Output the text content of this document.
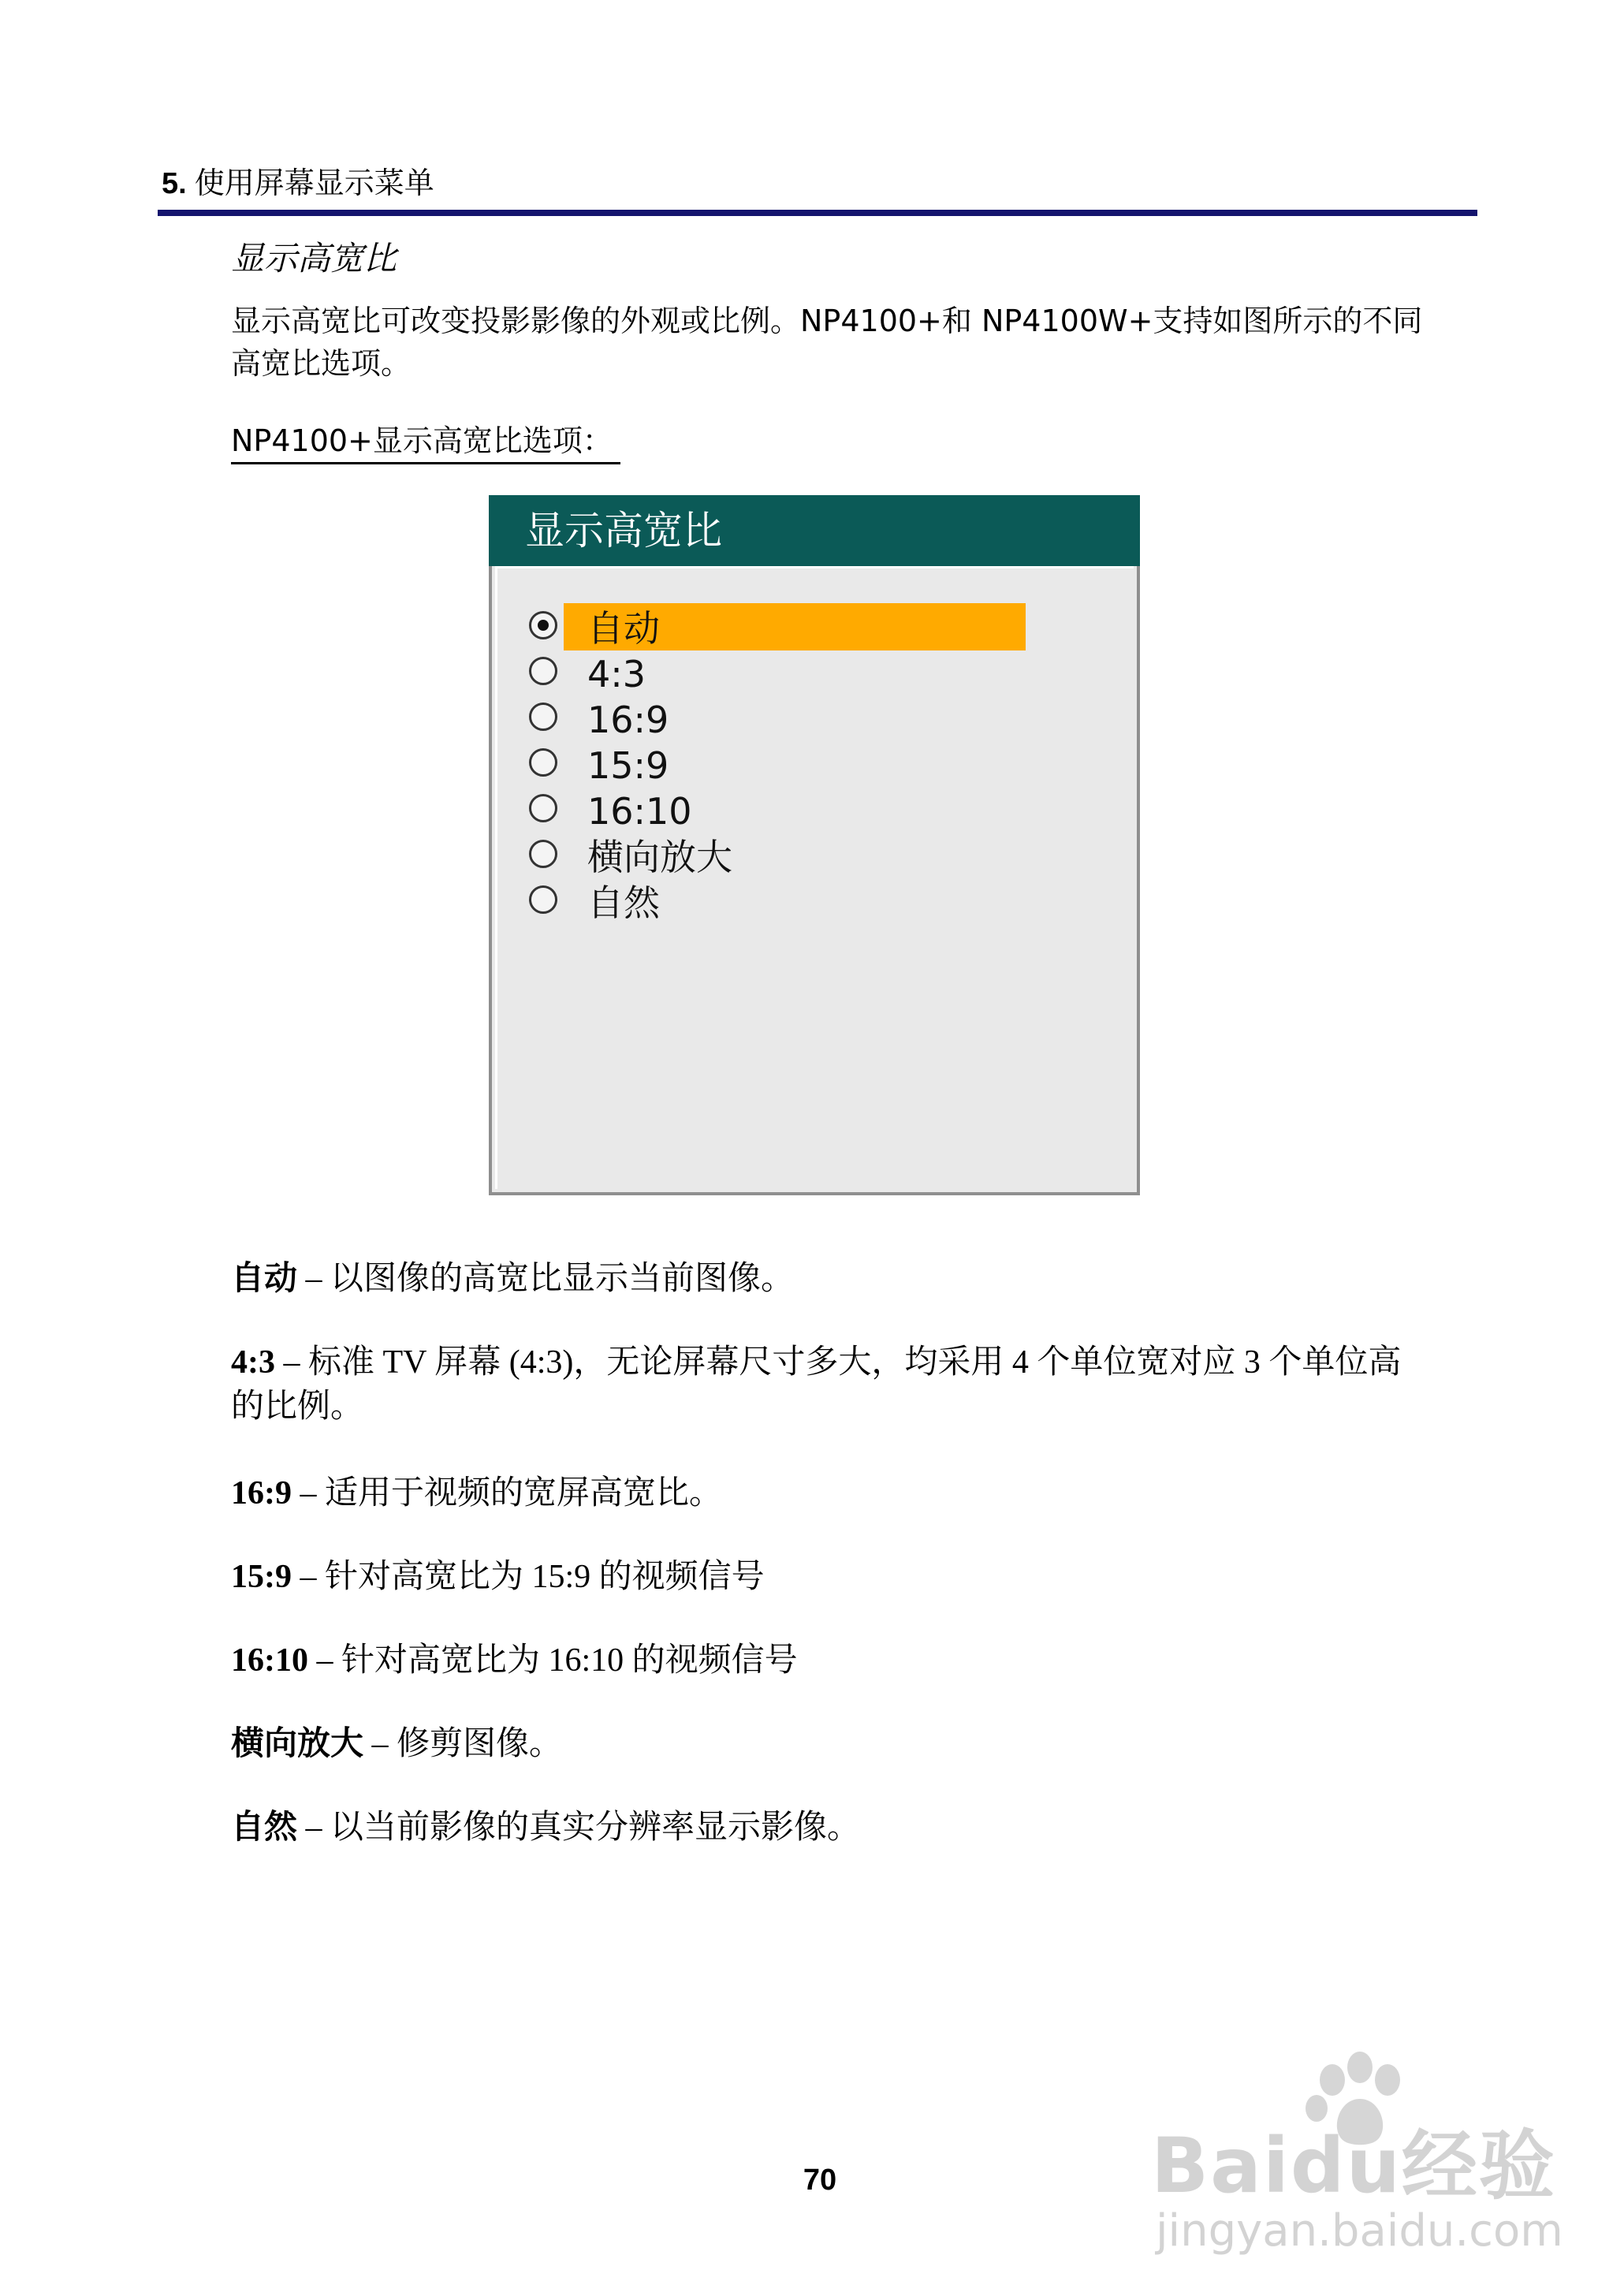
5. 使用屏幕显示菜单
显示高宽比

显示高宽比可改变投影影像的外观或比例。NP4100+和 NP4100W+支持如图所示的不同

高宽比选项。

NP4100+显示高宽比选项：
显示高宽比
自动
4:3
16:9
15:9
16:10
横向放大
自然

自动 – 以图像的高宽比显示当前图像。

4:3 – 标准 TV 屏幕 (4:3)，无论屏幕尺寸多大，均采用 4 个单位宽对应 3 个单位高

的比例。

16:9 – 适用于视频的宽屏高宽比。

15:9 – 针对高宽比为 15:9 的视频信号

16:10 – 针对高宽比为 16:10 的视频信号

横向放大 – 修剪图像。

自然 – 以当前影像的真实分辨率显示影像。

70	Baidu经验
jingyan.baidu.com
